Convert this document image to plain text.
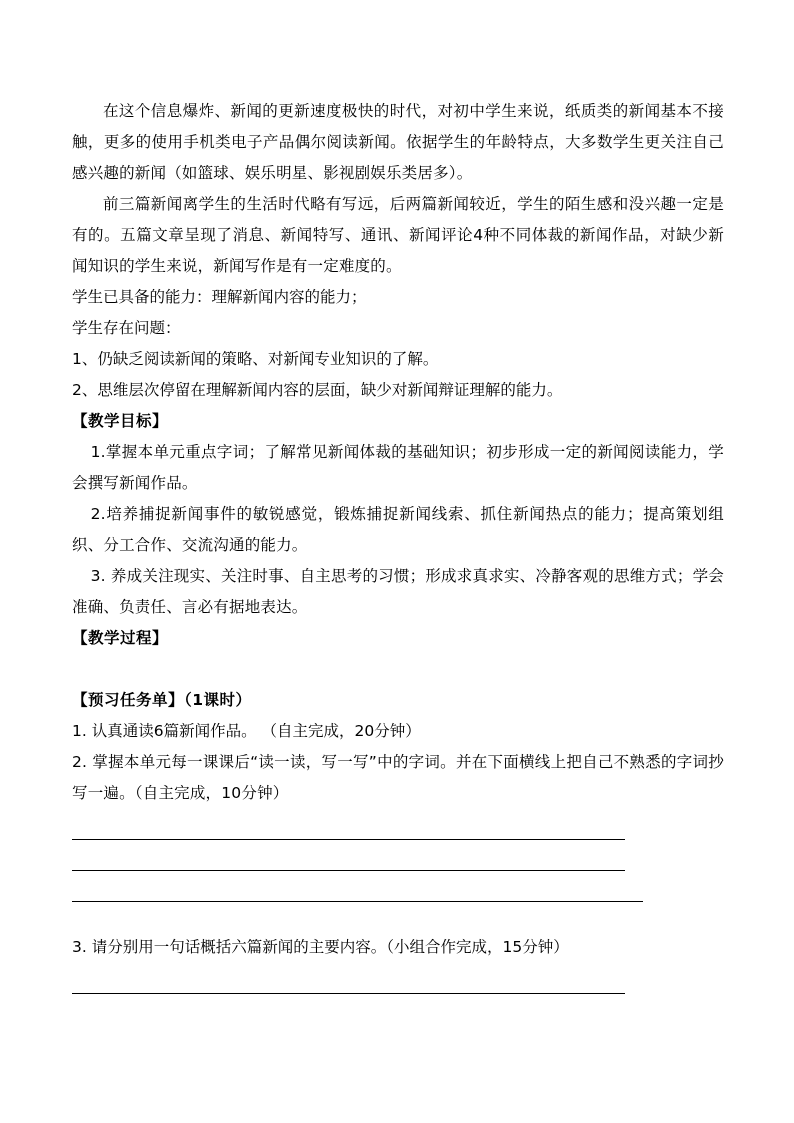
在这个信息爆炸、新闻的更新速度极快的时代，对初中学生来说，纸质类的新闻基本不接触，更多的使用手机类电子产品偶尔阅读新闻。依据学生的年龄特点，大多数学生更关注自己感兴趣的新闻（如篮球、娱乐明星、影视剧娱乐类居多）。

前三篇新闻离学生的生活时代略有写远，后两篇新闻较近，学生的陌生感和没兴趣一定是有的。五篇文章呈现了消息、新闻特写、通讯、新闻评论4种不同体裁的新闻作品，对缺少新闻知识的学生来说，新闻写作是有一定难度的。

学生已具备的能力：理解新闻内容的能力；

学生存在问题：

1、仍缺乏阅读新闻的策略、对新闻专业知识的了解。

2、思维层次停留在理解新闻内容的层面，缺少对新闻辩证理解的能力。

【教学目标】

1.掌握本单元重点字词；了解常见新闻体裁的基础知识；初步形成一定的新闻阅读能力，学会撰写新闻作品。

2.培养捕捉新闻事件的敏锐感觉，锻炼捕捉新闻线索、抓住新闻热点的能力；提高策划组织、分工合作、交流沟通的能力。

3. 养成关注现实、关注时事、自主思考的习惯；形成求真求实、冷静客观的思维方式；学会准确、负责任、言必有据地表达。

【教学过程】

【预习任务单】（1课时）

1. 认真通读6篇新闻作品。 （自主完成，20分钟）

2. 掌握本单元每一课课后“读一读，写一写”中的字词。并在下面横线上把自己不熟悉的字词抄写一遍。（自主完成，10分钟）

3. 请分别用一句话概括六篇新闻的主要内容。（小组合作完成，15分钟）
